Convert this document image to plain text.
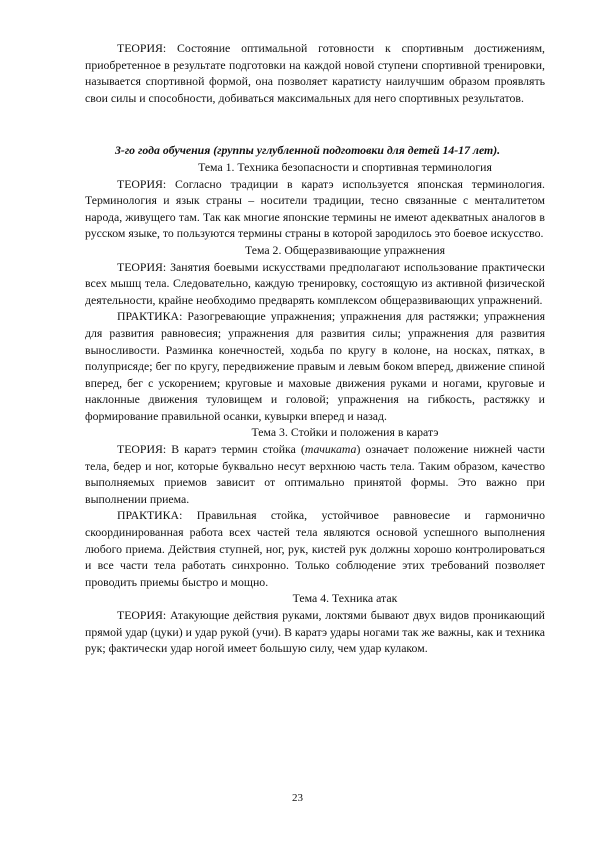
ТЕОРИЯ: Состояние оптимальной готовности к спортивным достижениям, приобретенное в результате подготовки на каждой новой ступени спортивной тренировки, называется спортивной формой, она позволяет каратисту наилучшим образом проявлять свои силы и способности, добиваться максимальных для него спортивных результатов.

3-го года обучения (группы углубленной подготовки для детей 14-17 лет).

Тема 1. Техника безопасности и спортивная терминология

ТЕОРИЯ: Согласно традиции в каратэ используется японская терминология. Терминология и язык страны – носители традиции, тесно связанные с менталитетом народа, живущего там. Так как многие японские термины не имеют адекватных аналогов в русском языке, то пользуются термины страны в которой зародилось это боевое искусство.

Тема 2. Общеразвивающие упражнения

ТЕОРИЯ: Занятия боевыми искусствами предполагают использование практически всех мышц тела. Следовательно, каждую тренировку, состоящую из активной физической деятельности, крайне необходимо предварять комплексом общеразвивающих упражнений.

ПРАКТИКА: Разогревающие упражнения; упражнения для растяжки; упражнения для развития равновесия; упражнения для развития силы; упражнения для развития выносливости. Разминка конечностей, ходьба по кругу в колоне, на носках, пятках, в полуприсяде; бег по кругу, передвижение правым и левым боком вперед, движение спиной вперед, бег с ускорением; круговые и маховые движения руками и ногами, круговые и наклонные движения туловищем и головой; упражнения на гибкость, растяжку и формирование правильной осанки, кувырки вперед и назад.

Тема 3. Стойки и положения в каратэ

ТЕОРИЯ: В каратэ термин стойка (тачиката) означает положение нижней части тела, бедер и ног, которые буквально несут верхнюю часть тела. Таким образом, качество выполняемых приемов зависит от оптимально принятой формы. Это важно при выполнении приема.

ПРАКТИКА: Правильная стойка, устойчивое равновесие и гармонично скоординированная работа всех частей тела являются основой успешного выполнения любого приема. Действия ступней, ног, рук, кистей рук должны хорошо контролироваться и все части тела работать синхронно. Только соблюдение этих требований позволяет проводить приемы быстро и мощно.

Тема 4. Техника атак

ТЕОРИЯ: Атакующие действия руками, локтями бывают двух видов проникающий прямой удар (цуки) и удар рукой (учи). В каратэ удары ногами так же важны, как и техника рук; фактически удар ногой имеет большую силу, чем удар кулаком.

23
